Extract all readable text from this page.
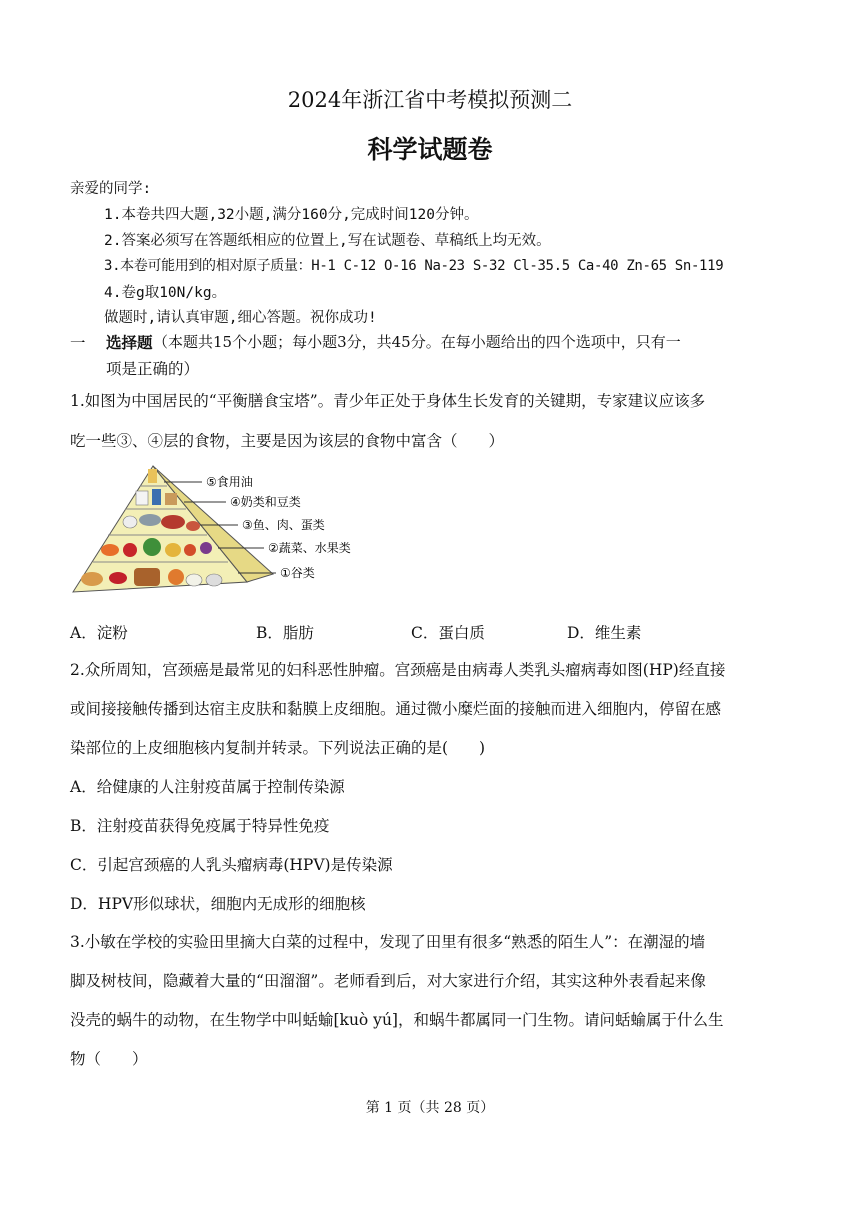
2024年浙江省中考模拟预测二
科学试题卷
亲爱的同学:
1.本卷共四大题,32小题,满分160分,完成时间120分钟。
2.答案必须写在答题纸相应的位置上,写在试题卷、草稿纸上均无效。
3.本卷可能用到的相对原子质量：H-1 C-12 O-16 Na-23 S-32 Cl-35.5 Ca-40 Zn-65 Sn-119
4.卷g取10N/kg。
做题时,请认真审题,细心答题。祝你成功!
一 选择题 （本题共15个小题；每小题3分，共45分。在每小题给出的四个选项中，只有一
项是正确的）
1.如图为中国居民的“平衡膳食宝塔”。青少年正处于身体生长发育的关键期，专家建议应该多
吃一些③、④层的食物，主要是因为该层的食物中富含（　　）
⑤食用油
④奶类和豆类
③鱼、肉、蛋类
②蔬菜、水果类
①谷类
A．淀粉	B．脂肪	C．蛋白质	D．维生素
2.众所周知，宫颈癌是最常见的妇科恶性肿瘤。宫颈癌是由病毒人类乳头瘤病毒如图(HP)经直接
或间接接触传播到达宿主皮肤和黏膜上皮细胞。通过微小糜烂面的接触而进入细胞内，停留在感
染部位的上皮细胞核内复制并转录。下列说法正确的是(　　)
A．给健康的人注射疫苗属于控制传染源
B．注射疫苗获得免疫属于特异性免疫
C．引起宫颈癌的人乳头瘤病毒(HPV)是传染源
D．HPV形似球状，细胞内无成形的细胞核
3.小敏在学校的实验田里摘大白菜的过程中，发现了田里有很多“熟悉的陌生人”：在潮湿的墙
脚及树枝间，隐藏着大量的“田溜溜”。老师看到后，对大家进行介绍，其实这种外表看起来像
没壳的蜗牛的动物，在生物学中叫蛞蝓[kuò yú]，和蜗牛都属同一门生物。请问蛞蝓属于什么生
物（　　）
第 1 页（共 28 页）
